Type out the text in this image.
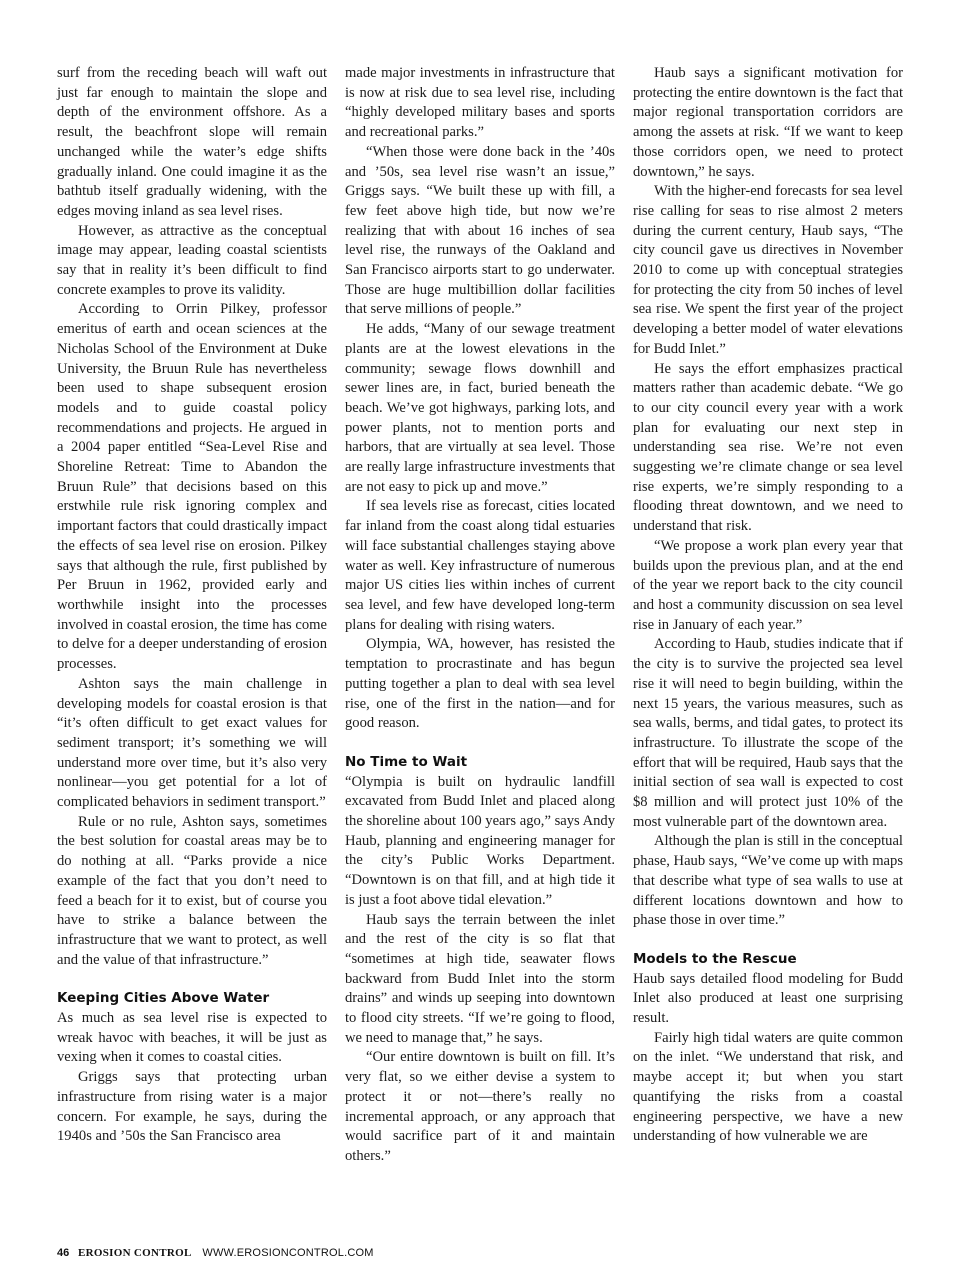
surf from the receding beach will waft out just far enough to maintain the slope and depth of the environment offshore. As a result, the beachfront slope will remain unchanged while the water’s edge shifts gradually inland. One could imagine it as the bathtub itself gradually widening, with the edges moving inland as sea level rises.

However, as attractive as the conceptual image may appear, leading coastal scientists say that in reality it’s been difficult to find concrete examples to prove its validity.

According to Orrin Pilkey, professor emeritus of earth and ocean sciences at the Nicholas School of the Environment at Duke University, the Bruun Rule has nevertheless been used to shape subsequent erosion models and to guide coastal policy recommendations and projects. He argued in a 2004 paper entitled “Sea-Level Rise and Shoreline Retreat: Time to Abandon the Bruun Rule” that decisions based on this erstwhile rule risk ignoring complex and important factors that could drastically impact the effects of sea level rise on erosion. Pilkey says that although the rule, first published by Per Bruun in 1962, provided early and worthwhile insight into the processes involved in coastal erosion, the time has come to delve for a deeper understanding of erosion processes.

Ashton says the main challenge in developing models for coastal erosion is that “it’s often difficult to get exact values for sediment transport; it’s something we will understand more over time, but it’s also very nonlinear—you get potential for a lot of complicated behaviors in sediment transport.”

Rule or no rule, Ashton says, sometimes the best solution for coastal areas may be to do nothing at all. “Parks provide a nice example of the fact that you don’t need to feed a beach for it to exist, but of course you have to strike a balance between the infrastructure that we want to protect, as well and the value of that infrastructure.”

Keeping Cities Above Water

As much as sea level rise is expected to wreak havoc with beaches, it will be just as vexing when it comes to coastal cities.

Griggs says that protecting urban infrastructure from rising water is a major concern. For example, he says, during the 1940s and ’50s the San Francisco area

made major investments in infrastructure that is now at risk due to sea level rise, including “highly developed military bases and sports and recreational parks.”

“When those were done back in the ’40s and ’50s, sea level rise wasn’t an issue,” Griggs says. “We built these up with fill, a few feet above high tide, but now we’re realizing that with about 16 inches of sea level rise, the runways of the Oakland and San Francisco airports start to go underwater. Those are huge multibillion dollar facilities that serve millions of people.”

He adds, “Many of our sewage treatment plants are at the lowest elevations in the community; sewage flows downhill and sewer lines are, in fact, buried beneath the beach. We’ve got highways, parking lots, and power plants, not to mention ports and harbors, that are virtually at sea level. Those are really large infrastructure investments that are not easy to pick up and move.”

If sea levels rise as forecast, cities located far inland from the coast along tidal estuaries will face substantial challenges staying above water as well. Key infrastructure of numerous major US cities lies within inches of current sea level, and few have developed long-term plans for dealing with rising waters.

Olympia, WA, however, has resisted the temptation to procrastinate and has begun putting together a plan to deal with sea level rise, one of the first in the nation—and for good reason.

No Time to Wait

“Olympia is built on hydraulic landfill excavated from Budd Inlet and placed along the shoreline about 100 years ago,” says Andy Haub, planning and engineering manager for the city’s Public Works Department. “Downtown is on that fill, and at high tide it is just a foot above tidal elevation.”

Haub says the terrain between the inlet and the rest of the city is so flat that “sometimes at high tide, seawater flows backward from Budd Inlet into the storm drains” and winds up seeping into downtown to flood city streets. “If we’re going to flood, we need to manage that,” he says.

“Our entire downtown is built on fill. It’s very flat, so we either devise a system to protect it or not—there’s really no incremental approach, or any approach that would sacrifice part of it and maintain others.”

Haub says a significant motivation for protecting the entire downtown is the fact that major regional transportation corridors are among the assets at risk. “If we want to keep those corridors open, we need to protect downtown,” he says.

With the higher-end forecasts for sea level rise calling for seas to rise almost 2 meters during the current century, Haub says, “The city council gave us directives in November 2010 to come up with conceptual strategies for protecting the city from 50 inches of level sea rise. We spent the first year of the project developing a better model of water elevations for Budd Inlet.”

He says the effort emphasizes practical matters rather than academic debate. “We go to our city council every year with a work plan for evaluating our next step in understanding sea rise. We’re not even suggesting we’re climate change or sea level rise experts, we’re simply responding to a flooding threat downtown, and we need to understand that risk.

“We propose a work plan every year that builds upon the previous plan, and at the end of the year we report back to the city council and host a community discussion on sea level rise in January of each year.”

According to Haub, studies indicate that if the city is to survive the projected sea level rise it will need to begin building, within the next 15 years, the various measures, such as sea walls, berms, and tidal gates, to protect its infrastructure. To illustrate the scope of the effort that will be required, Haub says that the initial section of sea wall is expected to cost $8 million and will protect just 10% of the most vulnerable part of the downtown area.

Although the plan is still in the conceptual phase, Haub says, “We’ve come up with maps that describe what type of sea walls to use at different locations downtown and how to phase those in over time.”

Models to the Rescue

Haub says detailed flood modeling for Budd Inlet also produced at least one surprising result.

Fairly high tidal waters are quite common on the inlet. “We understand that risk, and maybe accept it; but when you start quantifying the risks from a coastal engineering perspective, we have a new understanding of how vulnerable we are

46 EROSION CONTROL WWW.EROSIONCONTROL.COM
